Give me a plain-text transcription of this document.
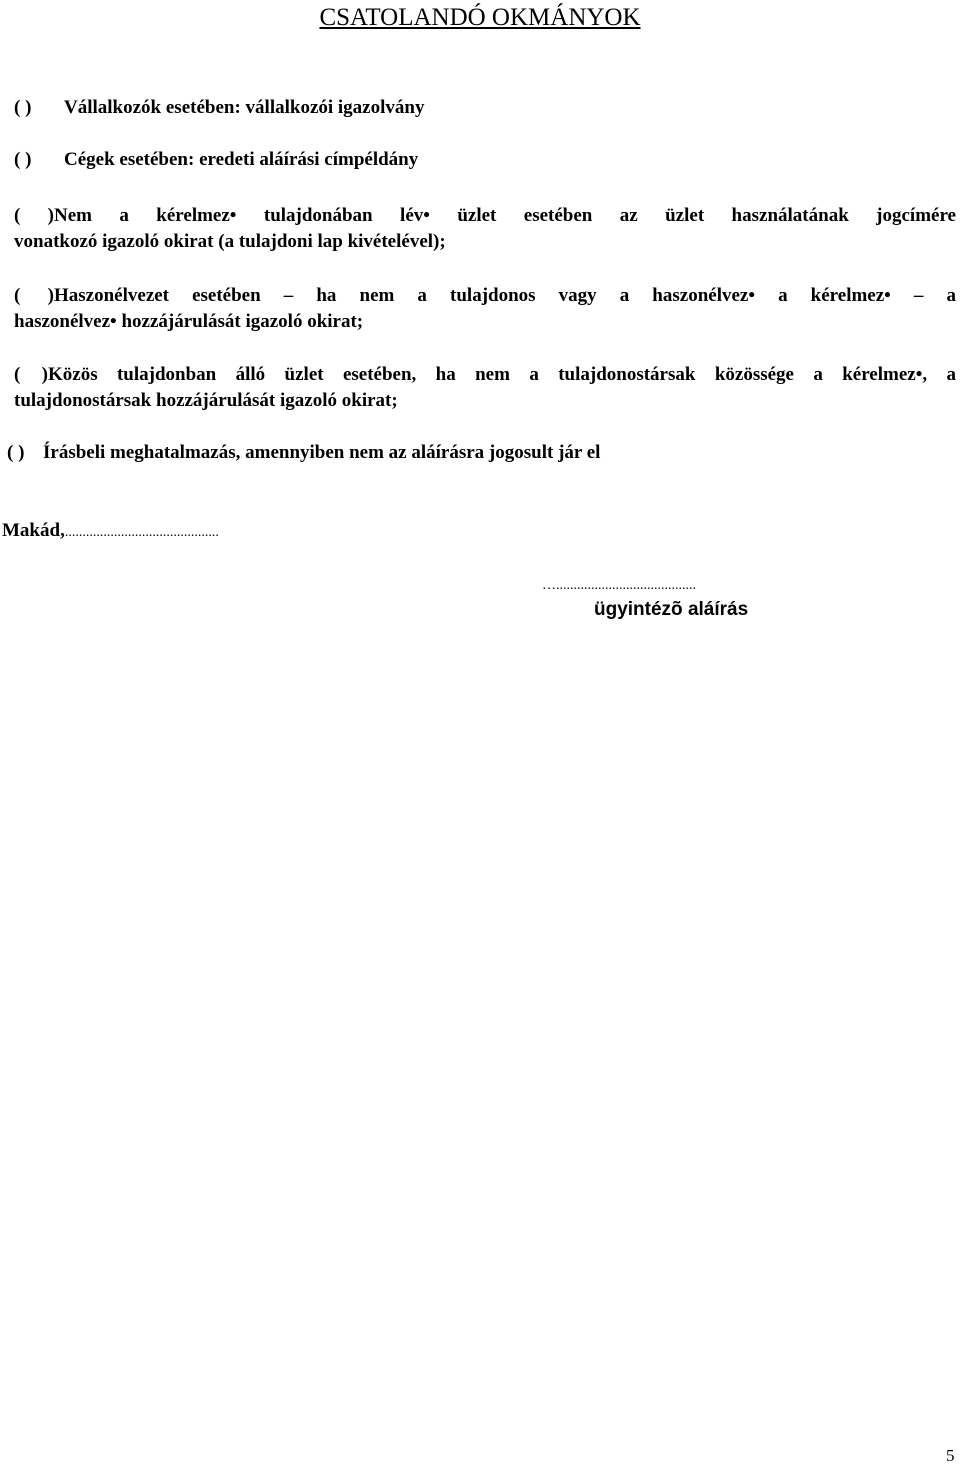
CSATOLANDÓ OKMÁNYOK
( ) Vállalkozók esetében: vállalkozói igazolvány
( ) Cégek esetében: eredeti aláírási címpéldány
( )Nem a kérelmez• tulajdonában lév• üzlet esetében az üzlet használatának jogcímére
vonatkozó igazoló okirat (a tulajdoni lap kivételével);
( )Haszonélvezet esetében – ha nem a tulajdonos vagy a haszonélvez• a kérelmez• – a
haszonélvez• hozzájárulását igazoló okirat;
( )Közös tulajdonban álló üzlet esetében, ha nem a tulajdonostársak közössége a kérelmez•, a
tulajdonostársak hozzájárulását igazoló okirat;
( ) Írásbeli meghatalmazás, amennyiben nem az aláírásra jogosult jár el
Makád,............................................
…........................................
ügyintézõ aláírás
5
